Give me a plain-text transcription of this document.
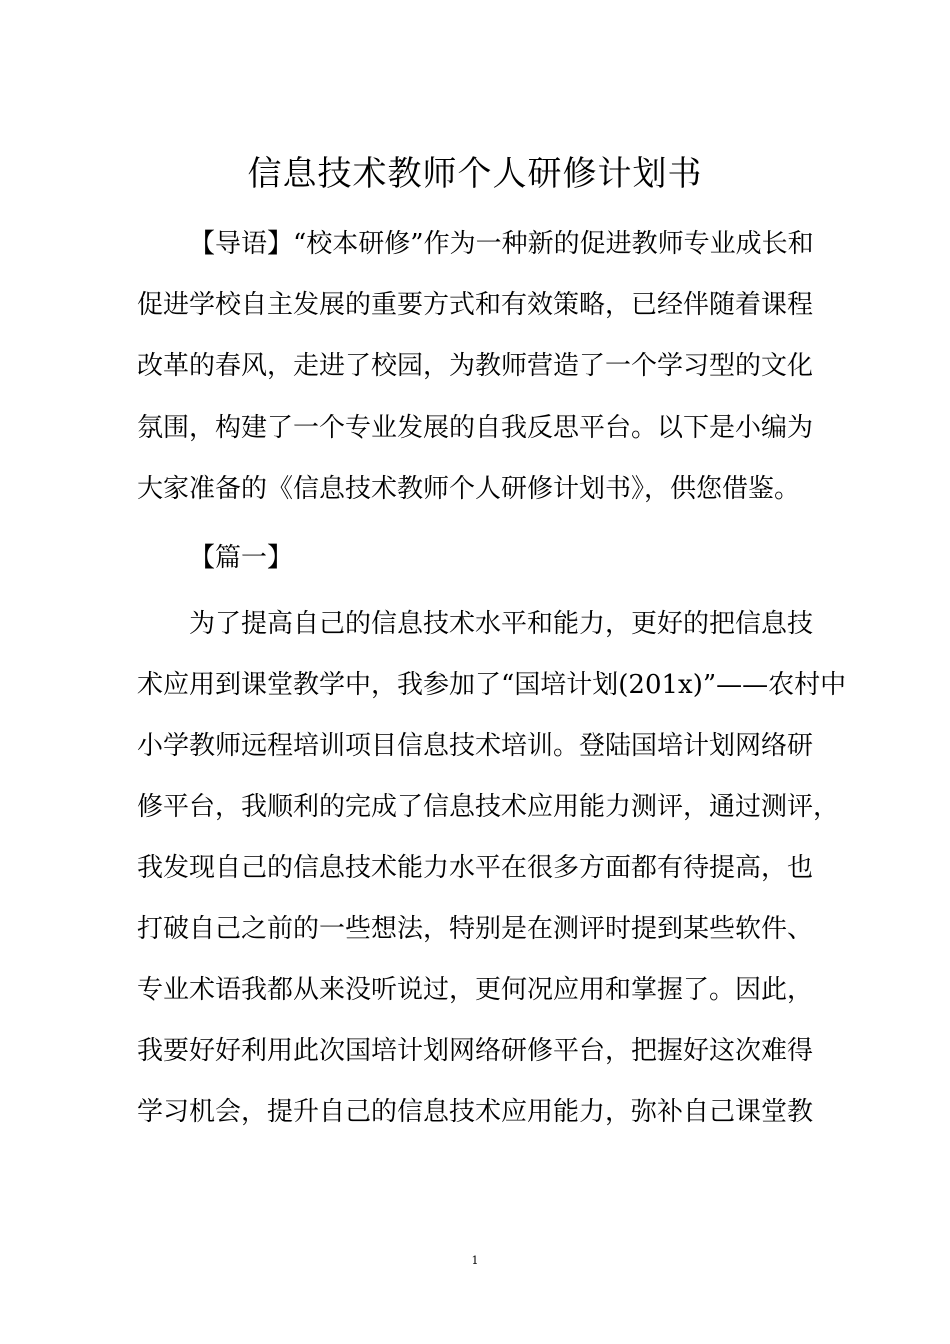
信息技术教师个人研修计划书
【导语】“校本研修”作为一种新的促进教师专业成长和
促进学校自主发展的重要方式和有效策略，已经伴随着课程
改革的春风，走进了校园，为教师营造了一个学习型的文化
氛围，构建了一个专业发展的自我反思平台。以下是小编为
大家准备的《信息技术教师个人研修计划书》，供您借鉴。
【篇一】
为了提高自己的信息技术水平和能力，更好的把信息技
术应用到课堂教学中，我参加了“国培计划(201x)”——农村中
小学教师远程培训项目信息技术培训。登陆国培计划网络研
修平台，我顺利的完成了信息技术应用能力测评，通过测评，
我发现自己的信息技术能力水平在很多方面都有待提高，也
打破自己之前的一些想法，特别是在测评时提到某些软件、
专业术语我都从来没听说过，更何况应用和掌握了。因此，
我要好好利用此次国培计划网络研修平台，把握好这次难得
学习机会，提升自己的信息技术应用能力，弥补自己课堂教
1
